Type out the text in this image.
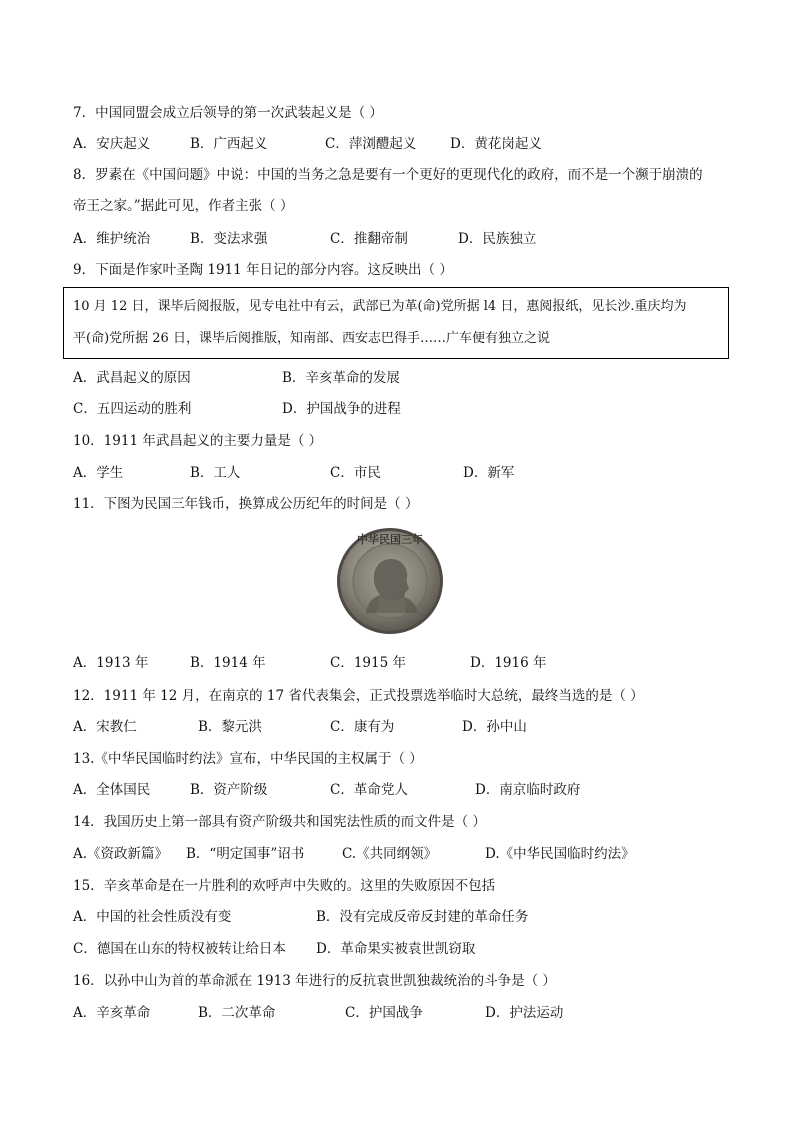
7．中国同盟会成立后领导的第一次武装起义是（ ）
A．安庆起义	B．广西起义	C．萍浏醴起义 D．黄花岗起义
8．罗素在《中国问题》中说：中国的当务之急是要有一个更好的更现代化的政府，而不是一个濒于崩溃的
帝王之家。”据此可见，作者主张（ ）
A．维护统治	B．变法求强	C．推翻帝制	D．民族独立
9．下面是作家叶圣陶 1911 年日记的部分内容。这反映出（ ）
10 月 12 日，课毕后阅报版，见专电社中有云，武部已为革(命)党所据 l4 日，惠阅报纸，见长沙.重庆均为
平(命)党所据 26 日，课毕后阅推版，知南部、西安志巴得手……广车便有独立之说
A．武昌起义的原因	B．辛亥革命的发展
C．五四运动的胜利	D．护国战争的进程
10．1911 年武昌起义的主要力量是（ ）
A．学生	B．工人	C．市民	D．新军
11．下图为民国三年钱币，换算成公历纪年的时间是（ ）
中华民国三年
A．1913 年	B．1914 年	C．1915 年	D．1916 年
12．1911 年 12 月，在南京的 17 省代表集会，正式投票选举临时大总统，最终当选的是（ ）
A．宋教仁	B．黎元洪	C．康有为	D．孙中山
13.《中华民国临时约法》宣布，中华民国的主权属于（ ）
A．全体国民	B．资产阶级	C．革命党人	D．南京临时政府
14．我国历史上第一部具有资产阶级共和国宪法性质的而文件是（ ）
A.《资政新篇》 B．“明定国事”诏书	C.《共同纲领》	D.《中华民国临时约法》
15．辛亥革命是在一片胜利的欢呼声中失败的。这里的失败原因不包括
A．中国的社会性质没有变	B．没有完成反帝反封建的革命任务
C．德国在山东的特权被转让给日本 D．革命果实被袁世凯窃取
16．以孙中山为首的革命派在 1913 年进行的反抗袁世凯独裁统治的斗争是（ ）
A．辛亥革命	B．二次革命	C．护国战争	D．护法运动
